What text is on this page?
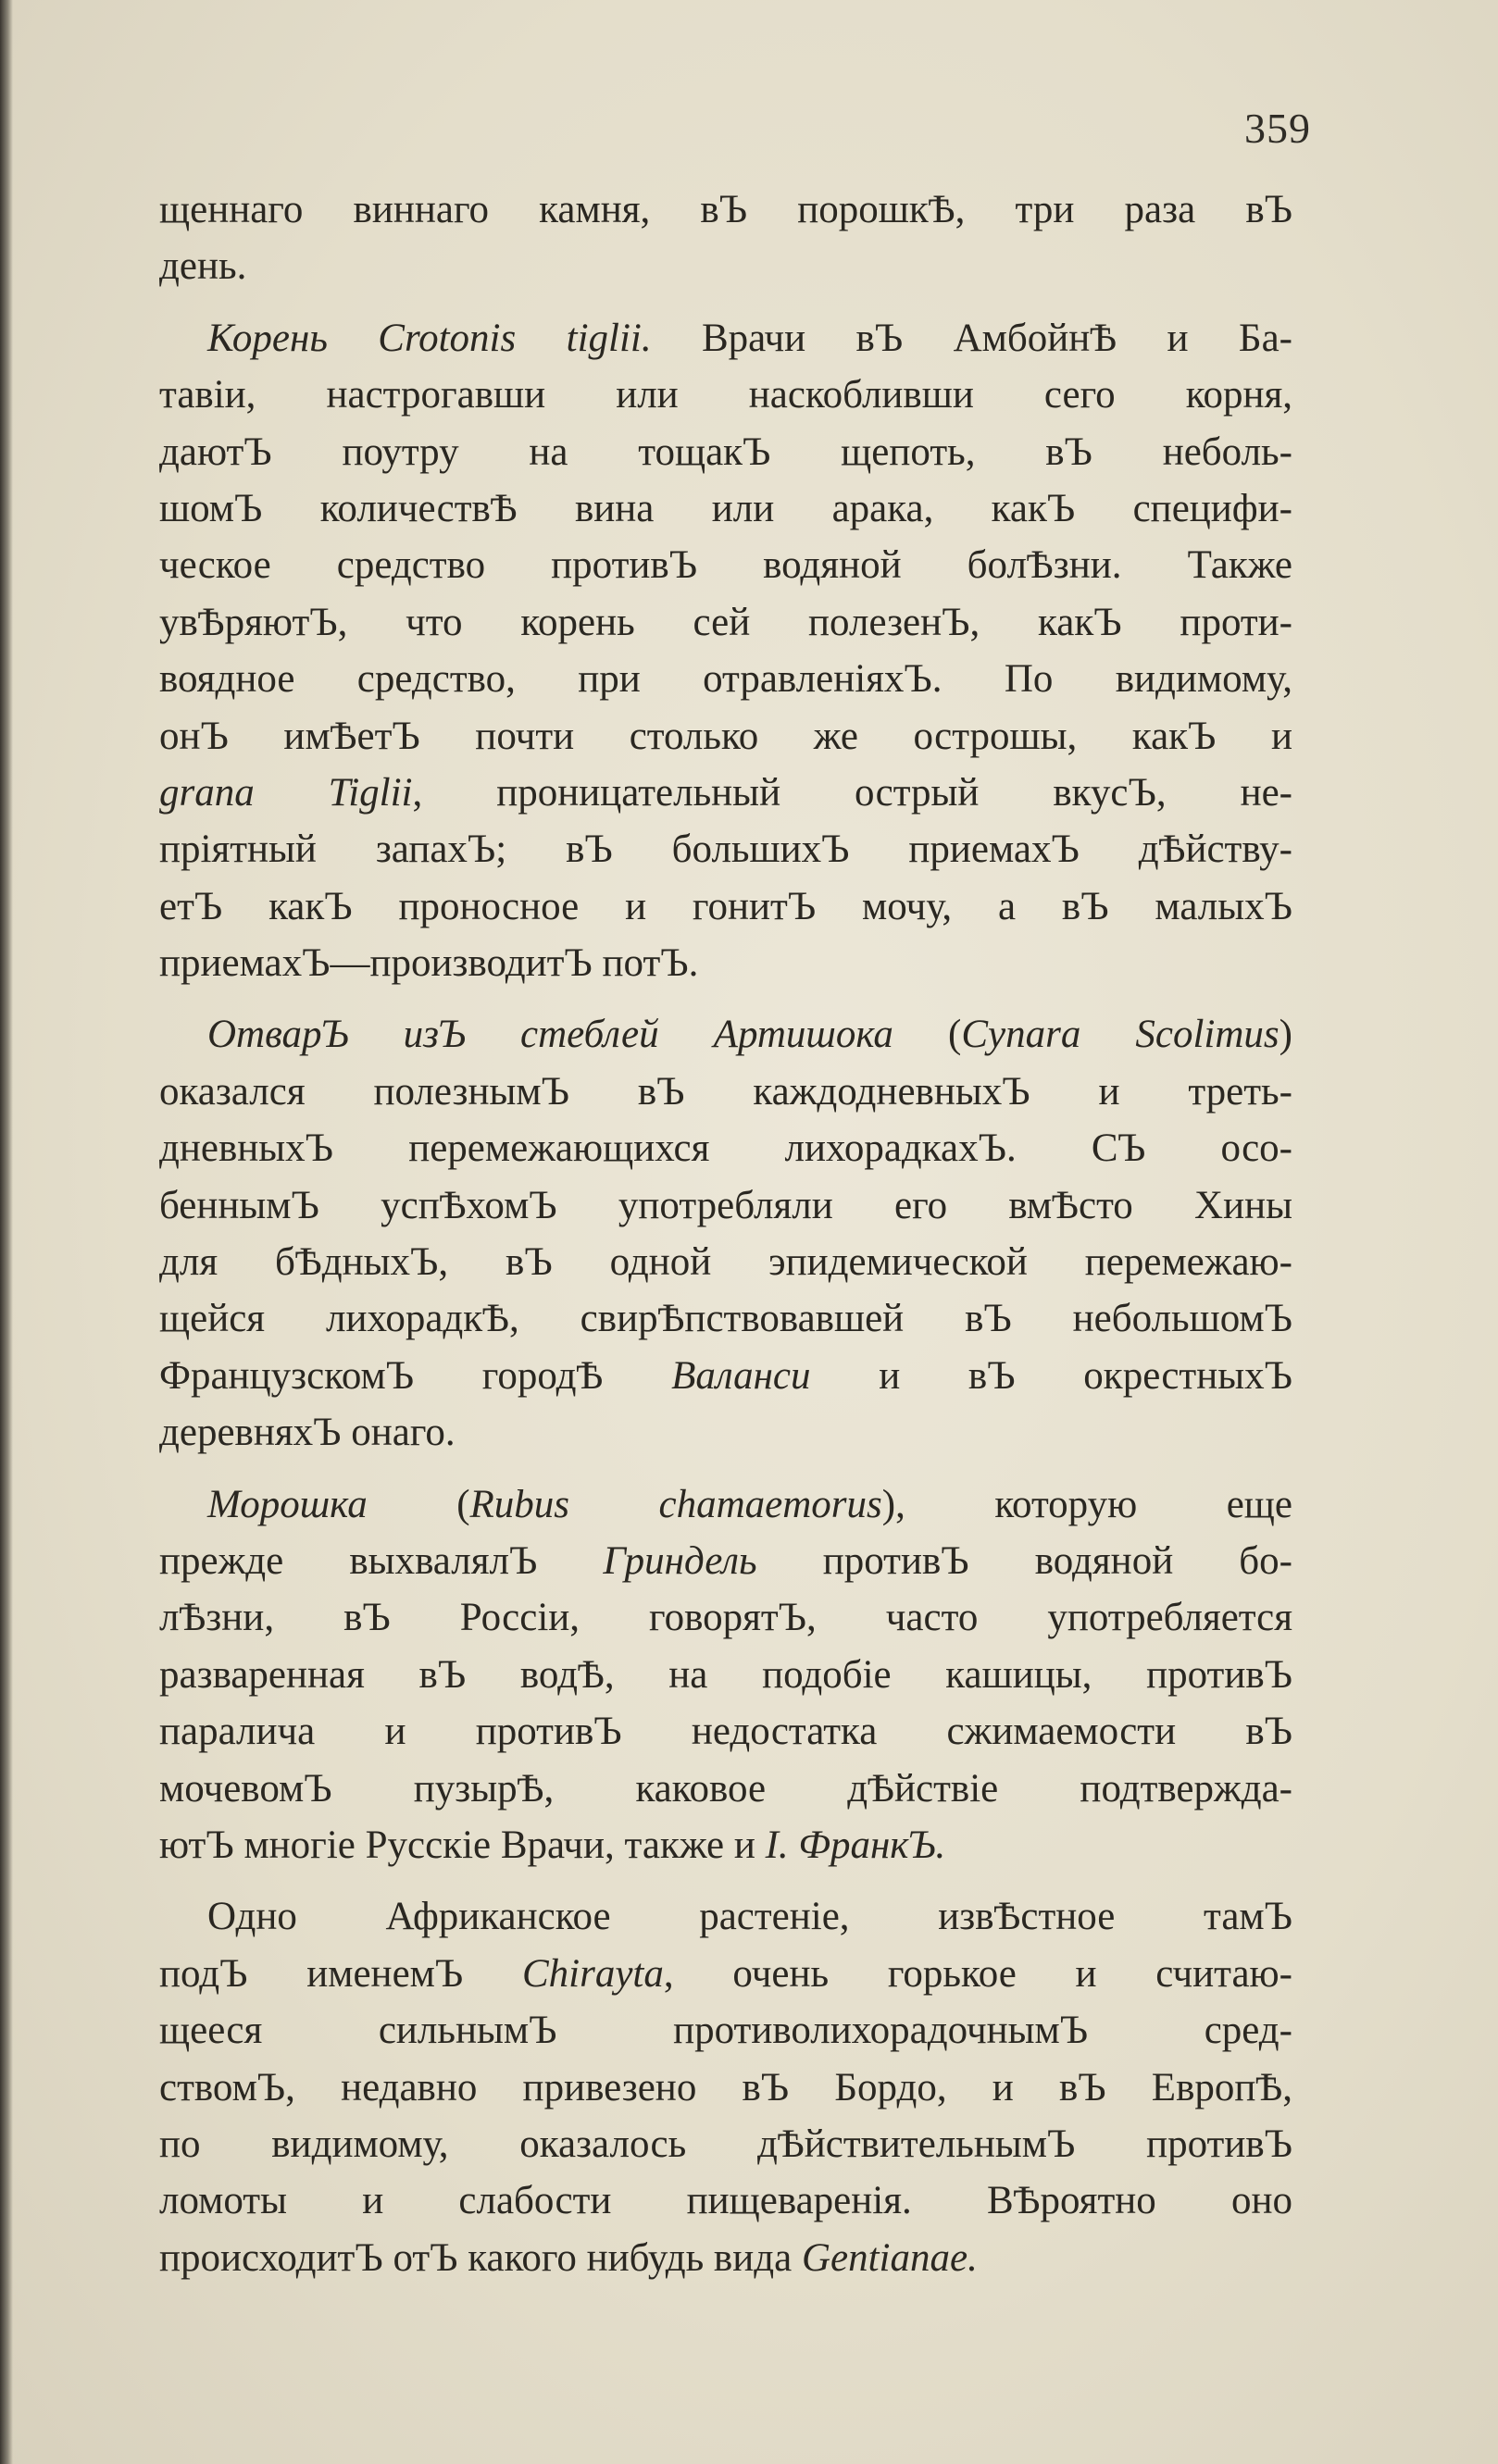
359
щеннаго виннаго камня, вЪ порошкѢ, три раза вЪ
день.
Корень Crotonis tiglii. Врачи вЪ АмбойнѢ и Ба-
тавіи, настрогавши или наскобливши сего корня,
даютЪ поутру на тощакЪ щепоть, вЪ неболь-
шомЪ количествѢ вина или арака, какЪ специфи-
ческое средство противЪ водяной болѢзни. Также
увѢряютЪ, что корень сей полезенЪ, какЪ проти-
воядное средство, при отравленіяхЪ. По видимому,
онЪ имѢетЪ почти столько же острошы, какЪ и
grana Tiglii, проницательный острый вкусЪ, не-
пріятный запахЪ; вЪ большихЪ приемахЪ дѢйству-
етЪ какЪ проносное и гонитЪ мочу, а вЪ малыхЪ
приемахЪ—производитЪ потЪ.
ОтварЪ изЪ стеблей Артишока (Cynara Scolimus)
оказался полезнымЪ вЪ каждодневныхЪ и треть-
дневныхЪ перемежающихся лихорадкахЪ. СЪ осо-
беннымЪ успѢхомЪ употребляли его вмѢсто Хины
для бѢдныхЪ, вЪ одной эпидемической перемежаю-
щейся лихорадкѢ, свирѢпствовавшей вЪ небольшомЪ
ФранцузскомЪ городѢ Валанси и вЪ окрестныхЪ
деревняхЪ онаго.
Морошка (Rubus chamaemorus), которую еще
прежде выхвалялЪ Гриндель противЪ водяной бо-
лѢзни, вЪ Россіи, говорятЪ, часто употребляется
разваренная вЪ водѢ, на подобіе кашицы, противЪ
паралича и противЪ недостатка сжимаемости вЪ
мочевомЪ пузырѢ, каковое дѢйствіе подтвержда-
ютЪ многіе Русскіе Врачи, также и I. ФранкЪ.
Одно Африканское растеніе, извѢстное тамЪ
подЪ именемЪ Chirayta, очень горькое и считаю-
щееся сильнымЪ противолихорадочнымЪ сред-
ствомЪ, недавно привезено вЪ Бордо, и вЪ ЕвропѢ,
по видимому, оказалось дѢйствительнымЪ противЪ
ломоты и слабости пищеваренія. ВѢроятно оно
происходитЪ отЪ какого нибудь вида Gentianae.
